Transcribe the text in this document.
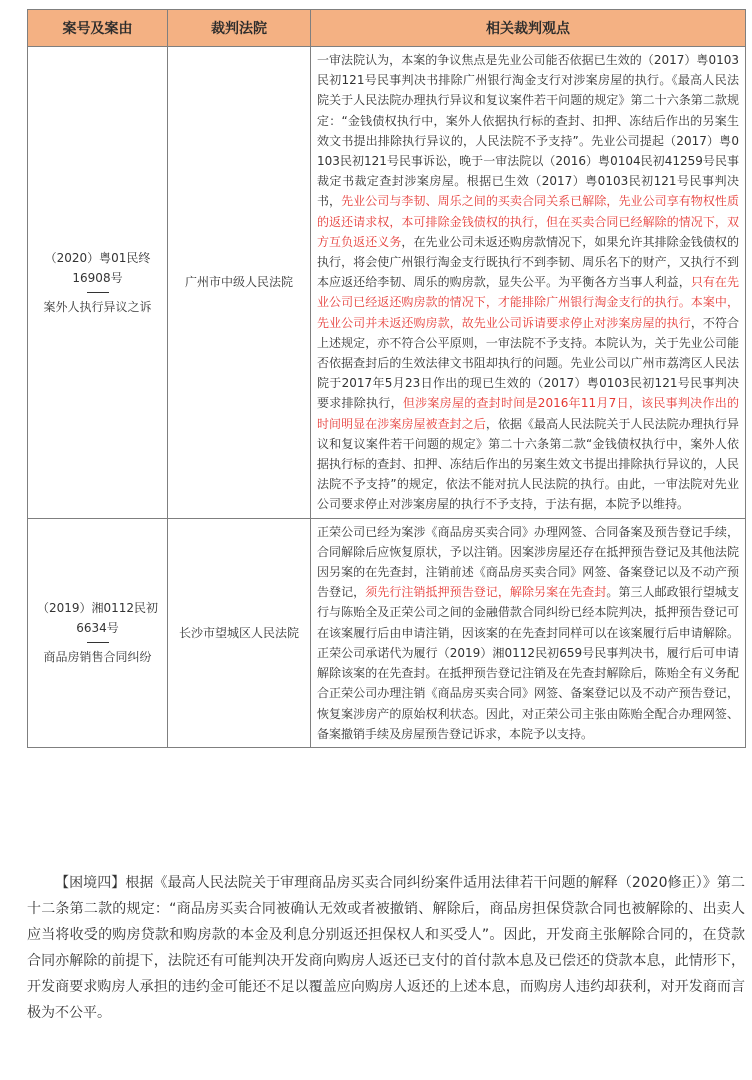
案号及案由	裁判法院	相关裁判观点
（2020）粤01民终16908号
案外人执行异议之诉	广州市中级人民法院	一审法院认为，本案的争议焦点是先业公司能否依据已生效的（2017）粤0103民初121号民事判决书排除广州银行淘金支行对涉案房屋的执行。《最高人民法院关于人民法院办理执行异议和复议案件若干问题的规定》第二十六条第二款规定：“金钱债权执行中，案外人依据执行标的查封、扣押、冻结后作出的另案生效文书提出排除执行异议的，人民法院不予支持”。先业公司提起（2017）粤0103民初121号民事诉讼，晚于一审法院以（2016）粤0104民初41259号民事裁定书裁定查封涉案房屋。根据已生效（2017）粤0103民初121号民事判决书，先业公司与李韧、周乐之间的买卖合同关系已解除，先业公司享有物权性质的返还请求权，本可排除金钱债权的执行，但在买卖合同已经解除的情况下，双方互负返还义务，在先业公司未返还购房款情况下，如果允许其排除金钱债权的执行，将会使广州银行淘金支行既执行不到李韧、周乐名下的财产，又执行不到本应返还给李韧、周乐的购房款，显失公平。为平衡各方当事人利益，只有在先业公司已经返还购房款的情况下，才能排除广州银行淘金支行的执行。本案中，先业公司并未返还购房款，故先业公司诉请要求停止对涉案房屋的执行，不符合上述规定，亦不符合公平原则，一审法院不予支持。本院认为，关于先业公司能否依据查封后的生效法律文书阻却执行的问题。先业公司以广州市荔湾区人民法院于2017年5月23日作出的现已生效的（2017）粤0103民初121号民事判决要求排除执行，但涉案房屋的查封时间是2016年11月7日，该民事判决作出的时间明显在涉案房屋被查封之后，依据《最高人民法院关于人民法院办理执行异议和复议案件若干问题的规定》第二十六条第二款“金钱债权执行中，案外人依据执行标的查封、扣押、冻结后作出的另案生效文书提出排除执行异议的，人民法院不予支持”的规定，依法不能对抗人民法院的执行。由此，一审法院对先业公司要求停止对涉案房屋的执行不予支持，于法有据，本院予以维持。
（2019）湘0112民初6634号
商品房销售合同纠纷	长沙市望城区人民法院	正荣公司已经为案涉《商品房买卖合同》办理网签、合同备案及预告登记手续，合同解除后应恢复原状，予以注销。因案涉房屋还存在抵押预告登记及其他法院因另案的在先查封，注销前述《商品房买卖合同》网签、备案登记以及不动产预告登记，须先行注销抵押预告登记，解除另案在先查封。第三人邮政银行望城支行与陈贻全及正荣公司之间的金融借款合同纠纷已经本院判决，抵押预告登记可在该案履行后由申请注销，因该案的在先查封同样可以在该案履行后申请解除。正荣公司承诺代为履行（2019）湘0112民初659号民事判决书，履行后可申请解除该案的在先查封。在抵押预告登记注销及在先查封解除后，陈贻全有义务配合正荣公司办理注销《商品房买卖合同》网签、备案登记以及不动产预告登记，恢复案涉房产的原始权利状态。因此，对正荣公司主张由陈贻全配合办理网签、备案撤销手续及房屋预告登记诉求，本院予以支持。

【困境四】根据《最高人民法院关于审理商品房买卖合同纠纷案件适用法律若干问题的解释（2020修正）》第二十二条第二款的规定：“商品房买卖合同被确认无效或者被撤销、解除后，商品房担保贷款合同也被解除的、出卖人应当将收受的购房贷款和购房款的本金及利息分别返还担保权人和买受人”。因此，开发商主张解除合同的，在贷款合同亦解除的前提下，法院还有可能判决开发商向购房人返还已支付的首付款本息及已偿还的贷款本息，此情形下，开发商要求购房人承担的违约金可能还不足以覆盖应向购房人返还的上述本息，而购房人违约却获利，对开发商而言极为不公平。
